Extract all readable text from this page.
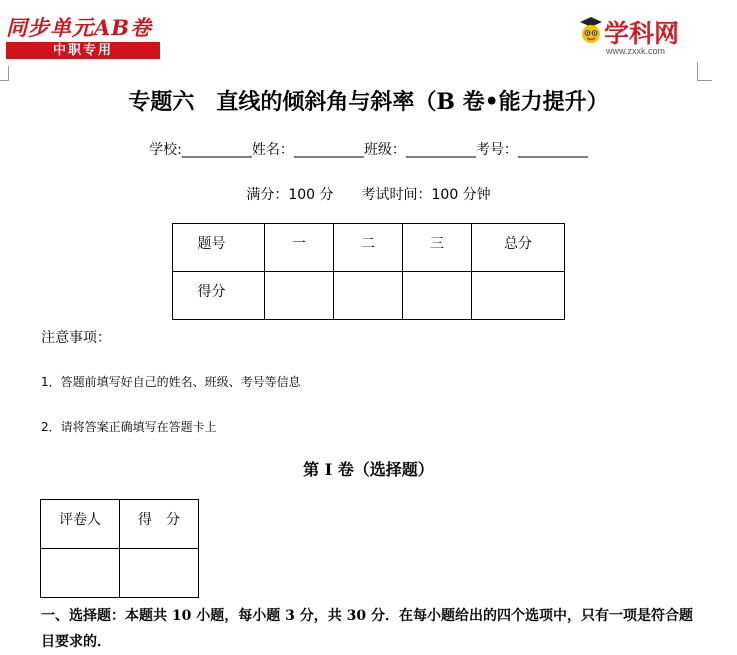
同步单元AB卷
中职专用
学科网
www.zxxk.com
专题六　直线的倾斜角与斜率（B 卷•能力提升）
学校:__________姓名：__________班级：__________考号：__________
满分：100 分　　考试时间：100 分钟
题号	一	二	三	总分
得分				
注意事项：
1．答题前填写好自己的姓名、班级、考号等信息
2．请将答案正确填写在答题卡上
第 I 卷（选择题）
评卷人	得　分

一、选择题：本题共 10 小题，每小题 3 分，共 30 分．在每小题给出的四个选项中，只有一项是符合题目要求的．
